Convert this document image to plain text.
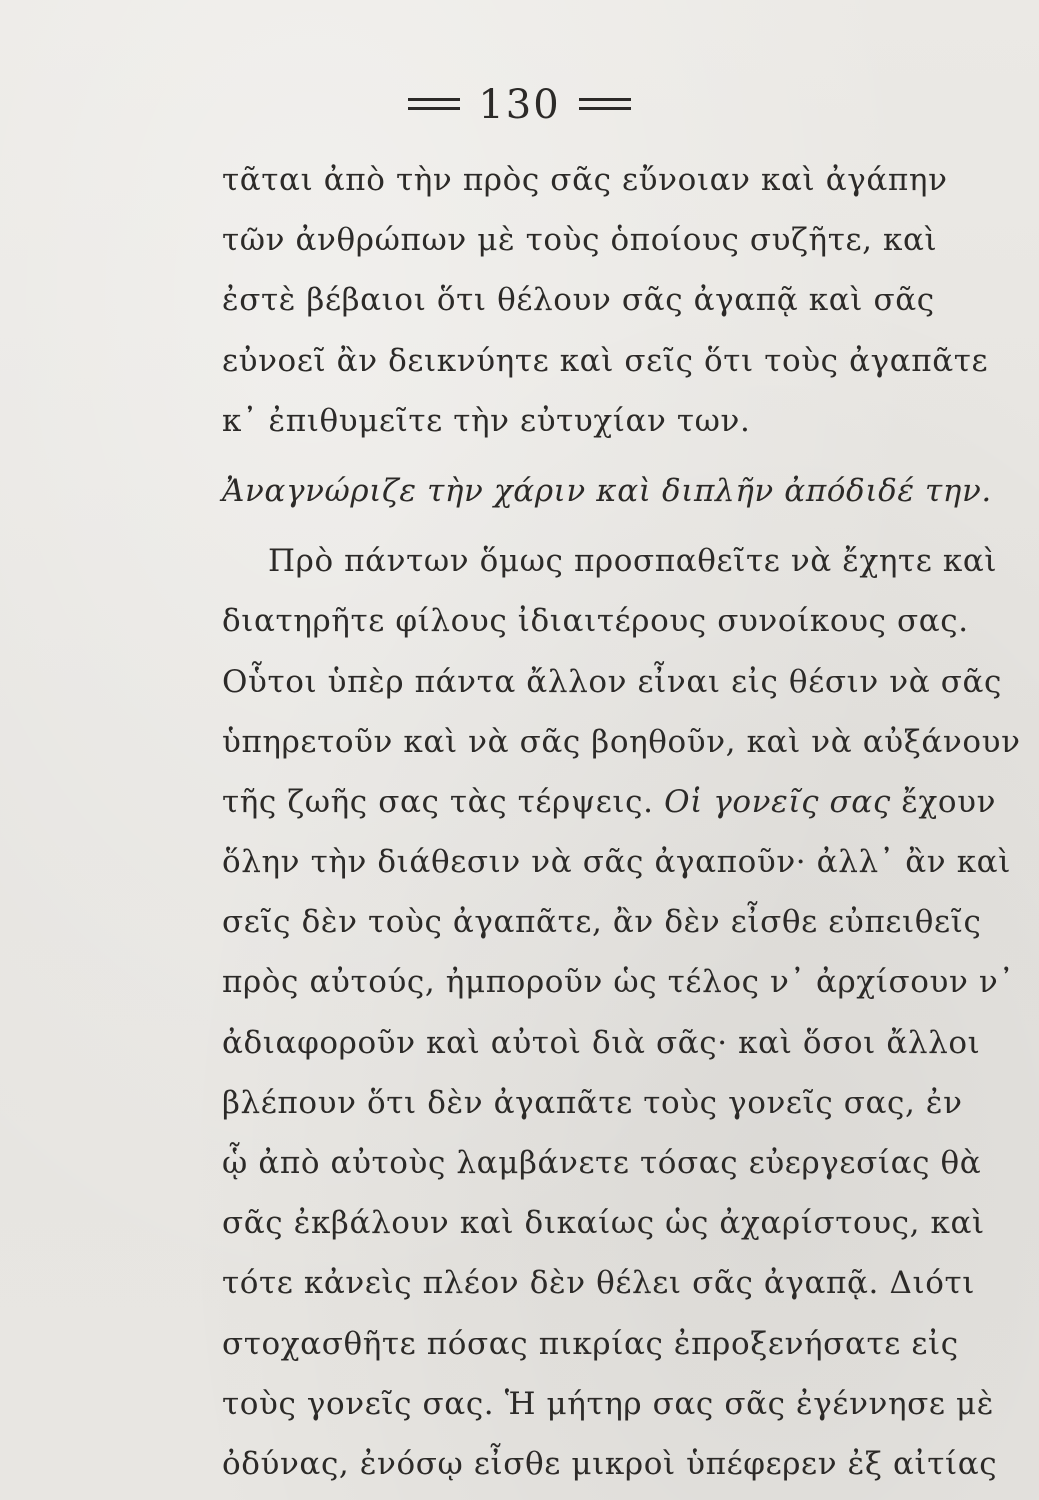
130
τᾶται ἀπὸ τὴν πρὸς σᾶς εὔνοιαν καὶ ἀγάπην
τῶν ἀνθρώπων μὲ τοὺς ὁποίους συζῆτε, καὶ
ἐστὲ βέβαιοι ὅτι θέλουν σᾶς ἀγαπᾷ καὶ σᾶς
εὐνοεῖ ἂν δεικνύητε καὶ σεῖς ὅτι τοὺς ἀγαπᾶτε
κ᾿ ἐπιθυμεῖτε τὴν εὐτυχίαν των.
Ἀναγνώριζε τὴν χάριν καὶ διπλῆν ἀπόδιδέ την.
Πρὸ πάντων ὅμως προσπαθεῖτε νὰ ἔχητε καὶ
διατηρῆτε φίλους ἰδιαιτέρους συνοίκους σας.
Οὗτοι ὑπὲρ πάντα ἄλλον εἶναι εἰς θέσιν νὰ σᾶς
ὑπηρετοῦν καὶ νὰ σᾶς βοηθοῦν, καὶ νὰ αὐξάνουν
τῆς ζωῆς σας τὰς τέρψεις. Οἱ γονεῖς σας ἔχουν
ὅλην τὴν διάθεσιν νὰ σᾶς ἀγαποῦν· ἀλλ᾿ ἂν καὶ
σεῖς δὲν τοὺς ἀγαπᾶτε, ἂν δὲν εἶσθε εὐπειθεῖς
πρὸς αὐτούς, ἠμποροῦν ὡς τέλος ν᾿ ἀρχίσουν ν᾿
ἀδιαφοροῦν καὶ αὐτοὶ διὰ σᾶς· καὶ ὅσοι ἄλλοι
βλέπουν ὅτι δὲν ἀγαπᾶτε τοὺς γονεῖς σας, ἐν
ᾧ ἀπὸ αὐτοὺς λαμβάνετε τόσας εὐεργεσίας θὰ
σᾶς ἐκβάλουν καὶ δικαίως ὡς ἀχαρίστους, καὶ
τότε κἀνεὶς πλέον δὲν θέλει σᾶς ἀγαπᾷ. Διότι
στοχασθῆτε πόσας πικρίας ἐπροξενήσατε εἰς
τοὺς γονεῖς σας. Ἡ μήτηρ σας σᾶς ἐγέννησε μὲ
ὀδύνας, ἐνόσῳ εἶσθε μικροὶ ὑπέφερεν ἐξ αἰτίας
